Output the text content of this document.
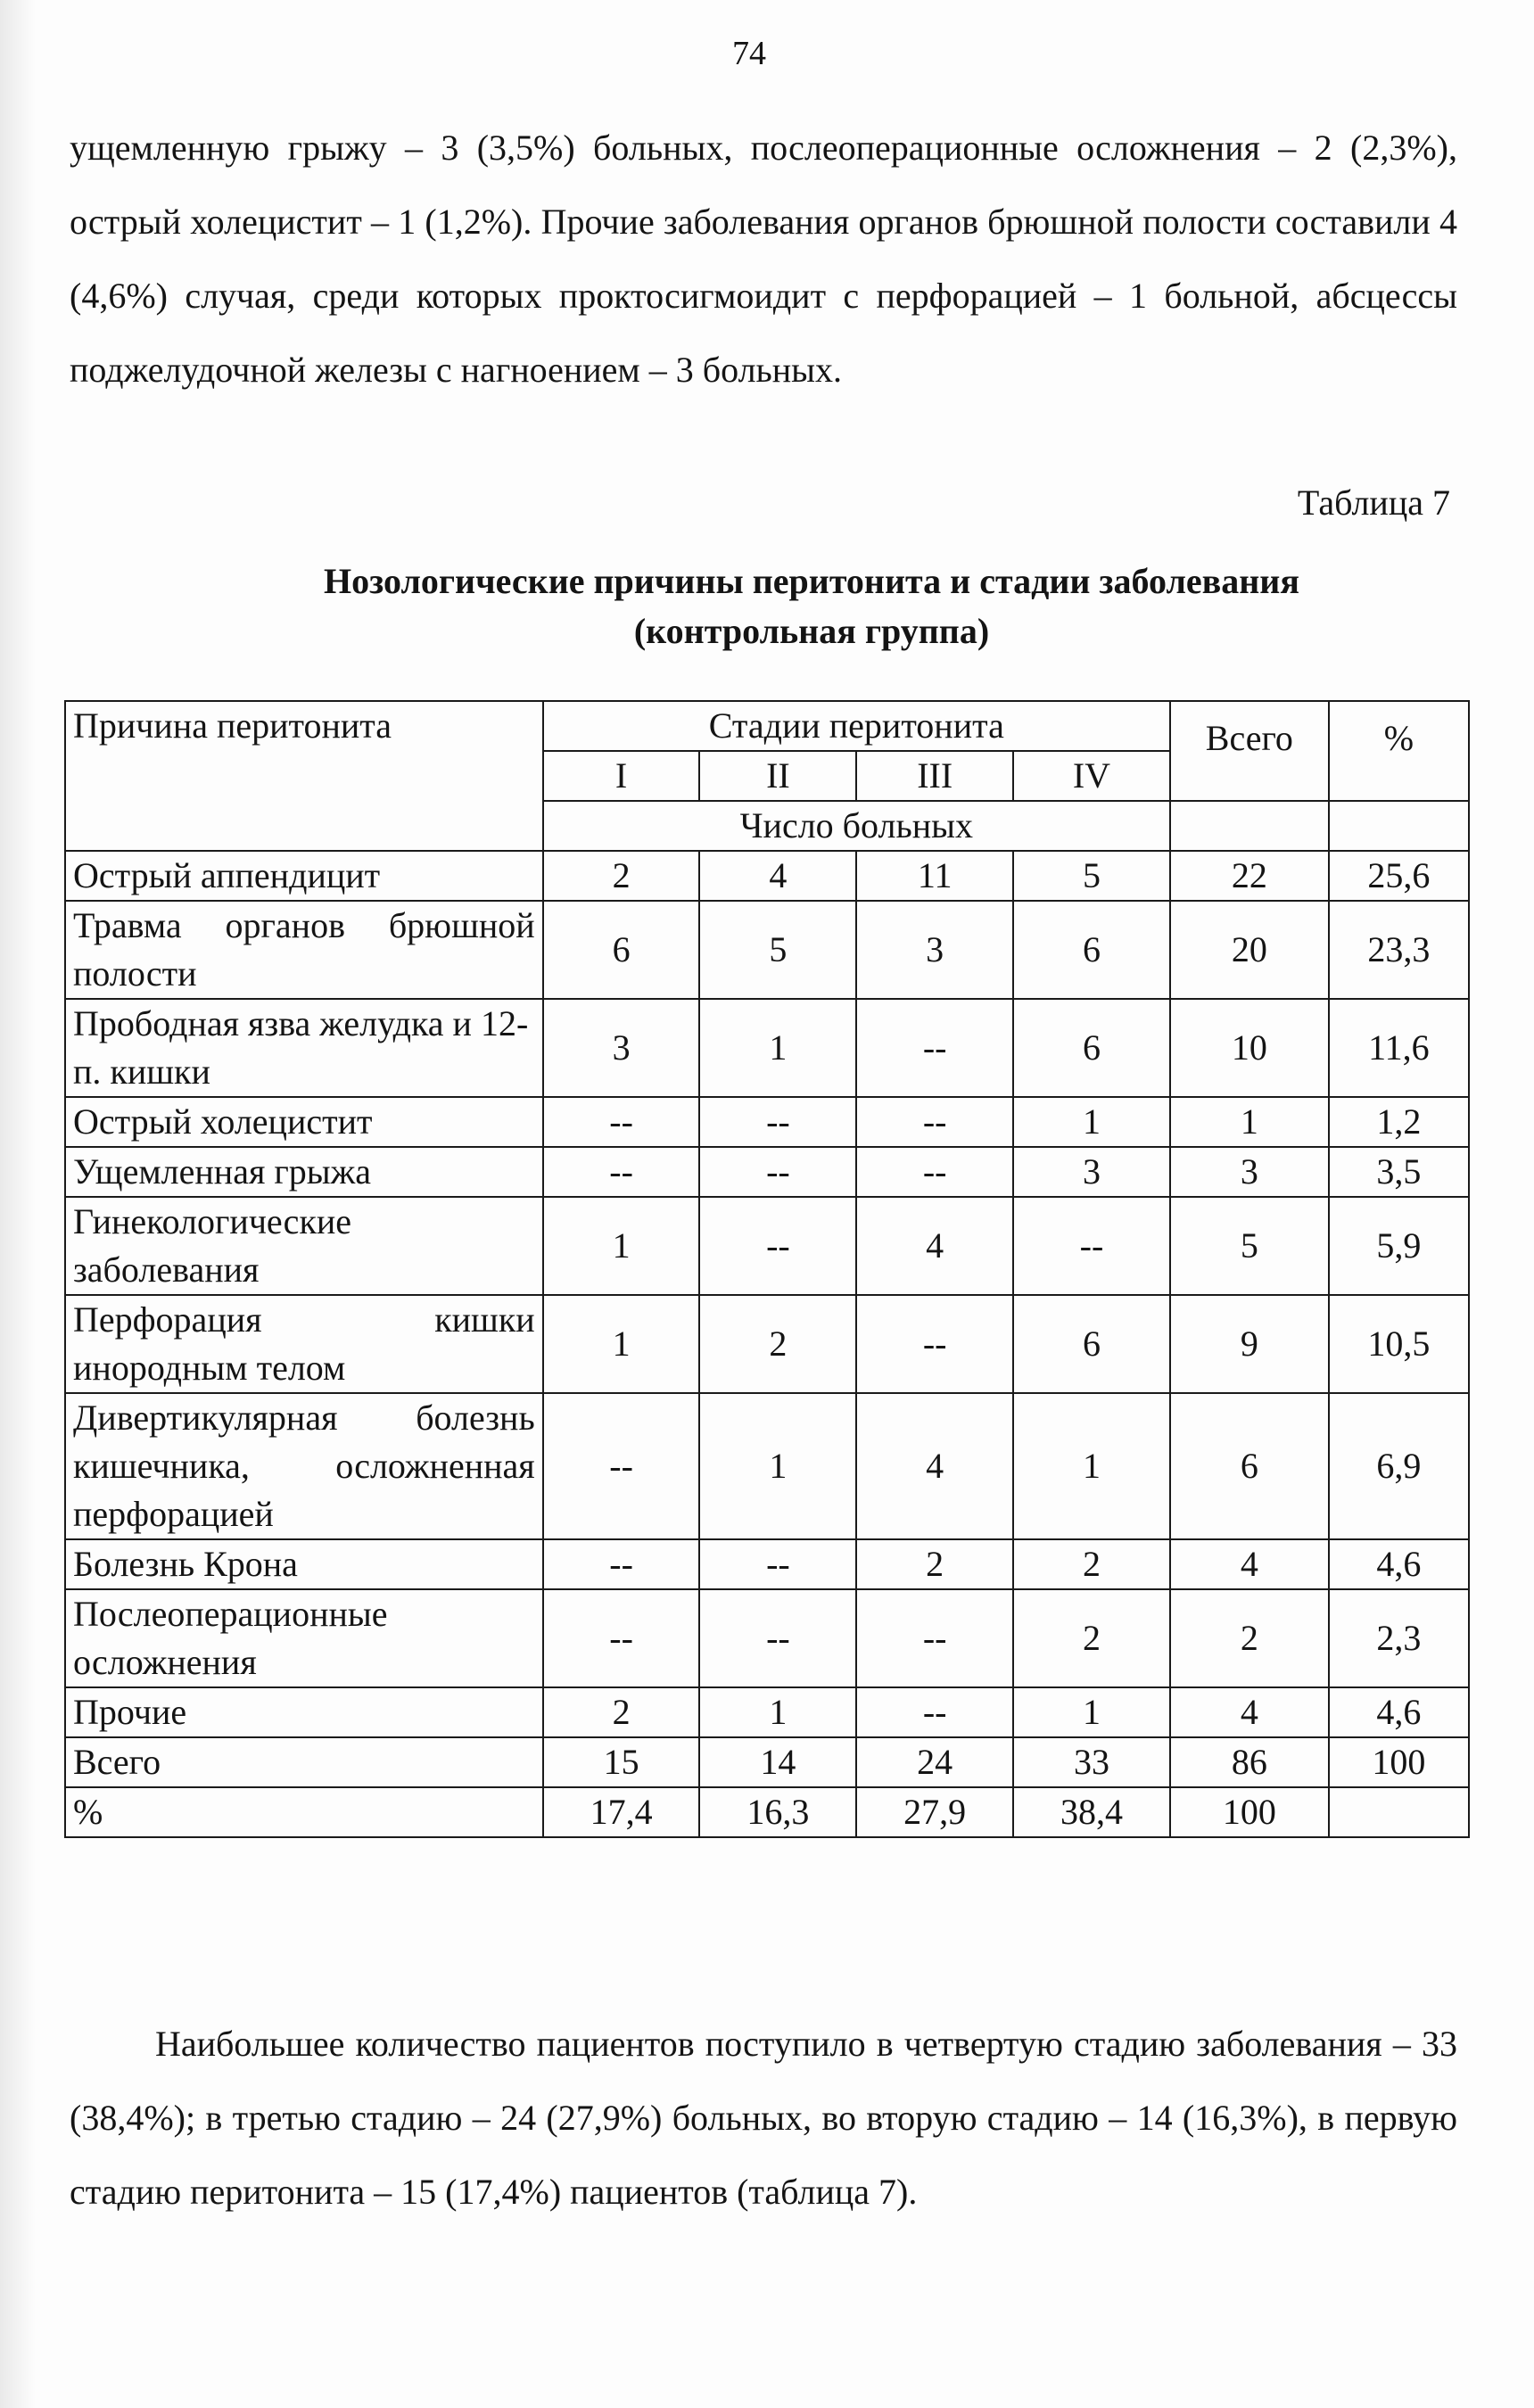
74

ущемленную грыжу – 3 (3,5%) больных, послеоперационные осложнения – 2 (2,3%), острый холецистит – 1 (1,2%). Прочие заболевания органов брюшной полости составили 4 (4,6%) случая, среди которых проктосигмоидит с перфорацией – 1 больной, абсцессы поджелудочной железы с нагноением – 3 больных.

Таблица 7
Нозологические причины перитонита и стадии заболевания
(контрольная группа)
Причина перитонита	Стадии перитонита				Всего	%
	I	II	III	IV		
	Число больных					
Острый аппендицит	2	4	11	5	22	25,6
Травма органов брюшной полости	6	5	3	6	20	23,3
Прободная язва желудка и 12-п. кишки	3	1	--	6	10	11,6
Острый холецистит	--	--	--	1	1	1,2
Ущемленная грыжа	--	--	--	3	3	3,5
Гинекологические заболевания	1	--	4	--	5	5,9
Перфорация кишки инородным телом	1	2	--	6	9	10,5
Дивертикулярная болезнь кишечника, осложненная перфорацией	--	1	4	1	6	6,9
Болезнь Крона	--	--	2	2	4	4,6
Послеоперационные осложнения	--	--	--	2	2	2,3
Прочие	2	1	--	1	4	4,6
Всего	15	14	24	33	86	100
%	17,4	16,3	27,9	38,4	100	

Наибольшее количество пациентов поступило в четвертую стадию заболевания – 33 (38,4%); в третью стадию – 24 (27,9%) больных, во вторую стадию – 14 (16,3%), в первую стадию перитонита – 15 (17,4%) пациентов (таблица 7).
